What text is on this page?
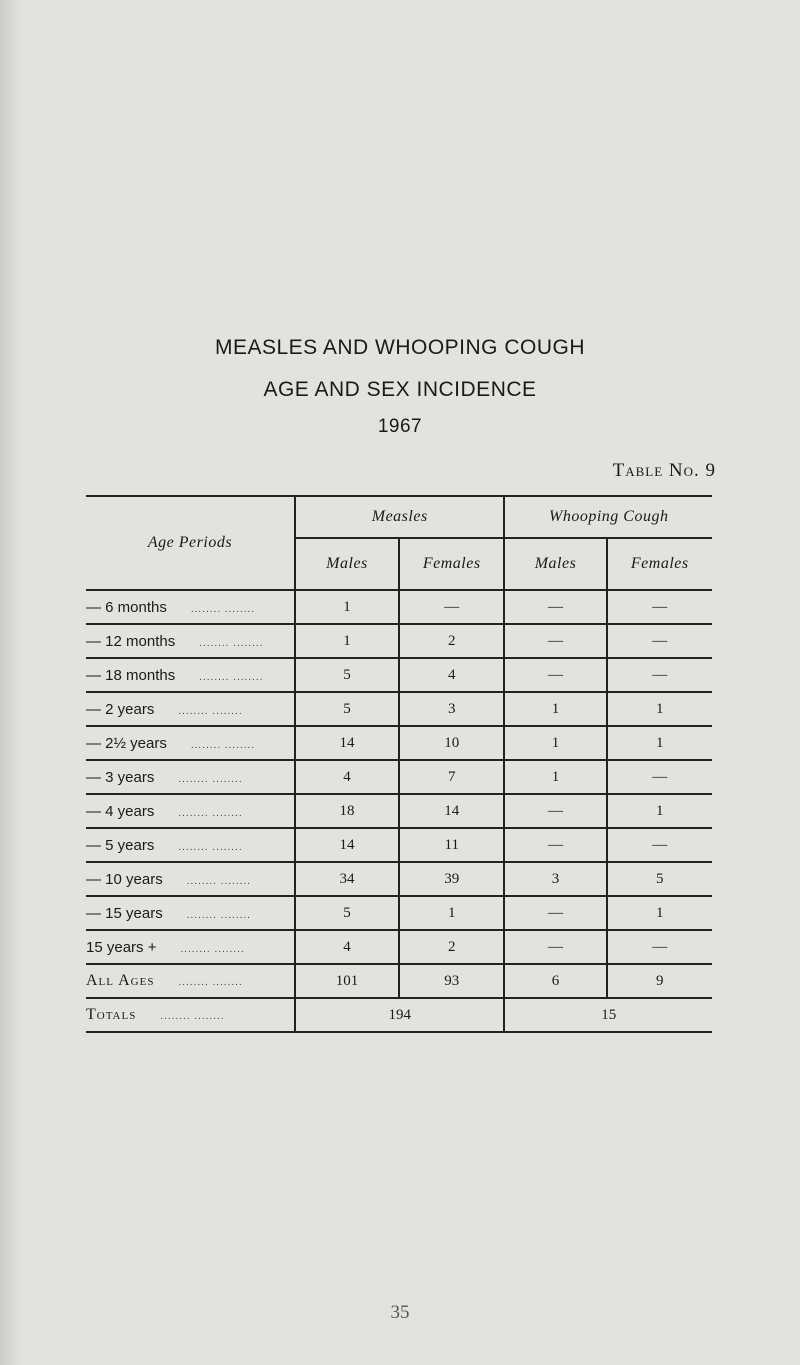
MEASLES AND WHOOPING COUGH
AGE AND SEX INCIDENCE
1967
Table No. 9
Age Periods	Measles		Whooping Cough	
	Males	Females	Males	Females
— 6 months ........ ........	1	—	—	—
— 12 months ........ ........	1	2	—	—
— 18 months ........ ........	5	4	—	—
— 2 years ........ ........	5	3	1	1
— 2½ years ........ ........	14	10	1	1
— 3 years ........ ........	4	7	1	—
— 4 years ........ ........	18	14	—	1
— 5 years ........ ........	14	11	—	—
— 10 years ........ ........	34	39	3	5
— 15 years ........ ........	5	1	—	1
15 years + ........ ........	4	2	—	—
All Ages ........ ........	101	93	6	9
Totals ........ ........	194		15	
35
